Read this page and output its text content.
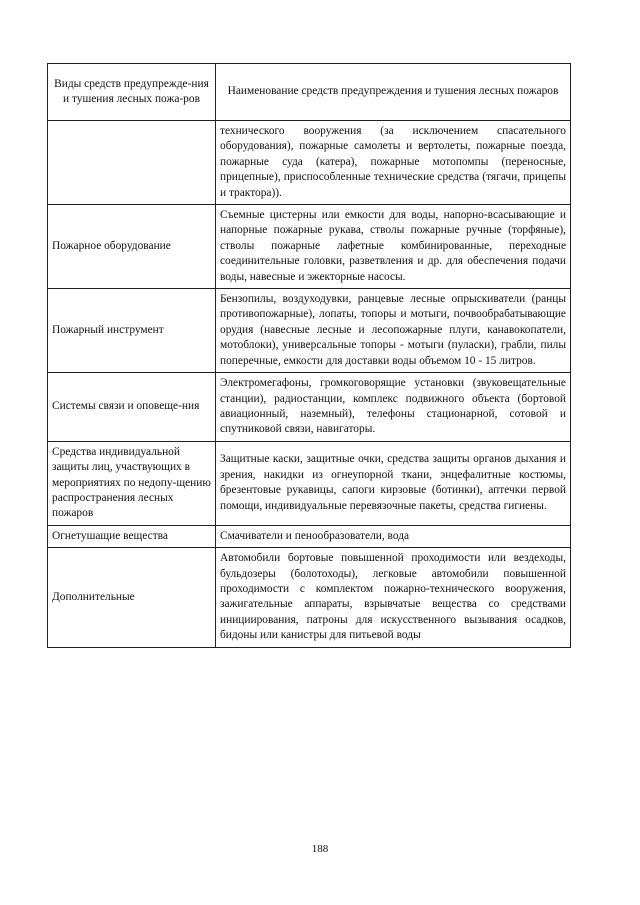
Виды средств предупрежде-ния и тушения лесных пожа-ров	Наименование средств предупреждения и тушения лесных пожаров
	технического вооружения (за исключением спасательного оборудования), пожарные самолеты и вертолеты, пожарные поезда, пожарные суда (катера), пожарные мотопомпы (переносные, прицепные), приспособленные технические средства (тягачи, прицепы и трактора)).
Пожарное оборудование	Съемные цистерны или емкости для воды, напорно-всасывающие и напорные пожарные рукава, стволы пожарные ручные (торфяные), стволы пожарные лафетные комбинированные, переходные соединительные головки, разветвления и др. для обеспечения подачи воды, навесные и эжекторные насосы.
Пожарный инструмент	Бензопилы, воздуходувки, ранцевые лесные опрыскиватели (ранцы противопожарные), лопаты, топоры и мотыги, почвообрабатывающие орудия (навесные лесные и лесопожарные плуги, канавокопатели, мотоблоки), универсальные топоры - мотыги (пуласки), грабли, пилы поперечные, емкости для доставки воды объемом 10 - 15 литров.
Системы связи и оповеще-ния	Электромегафоны, громкоговорящие установки (звуковещательные станции), радиостанции, комплекс подвижного объекта (бортовой авиационный, наземный), телефоны стационарной, сотовой и спутниковой связи, навигаторы.
Средства индивидуальной защиты лиц, участвующих в мероприятиях по недопу-щению распространения лесных пожаров	Защитные каски, защитные очки, средства защиты органов дыхания и зрения, накидки из огнеупорной ткани, энцефалитные костюмы, брезентовые рукавицы, сапоги кирзовые (ботинки), аптечки первой помощи, индивидуальные перевязочные пакеты, средства гигиены.
Огнетушащие вещества	Смачиватели и пенообразователи, вода
Дополнительные	Автомобили бортовые повышенной проходимости или вездеходы, бульдозеры (болотоходы), легковые автомобили повышенной проходимости с комплектом пожарно-технического вооружения, зажигательные аппараты, взрывчатые вещества со средствами инициирования, патроны для искусственного вызывания осадков, бидоны или канистры для питьевой воды
188
